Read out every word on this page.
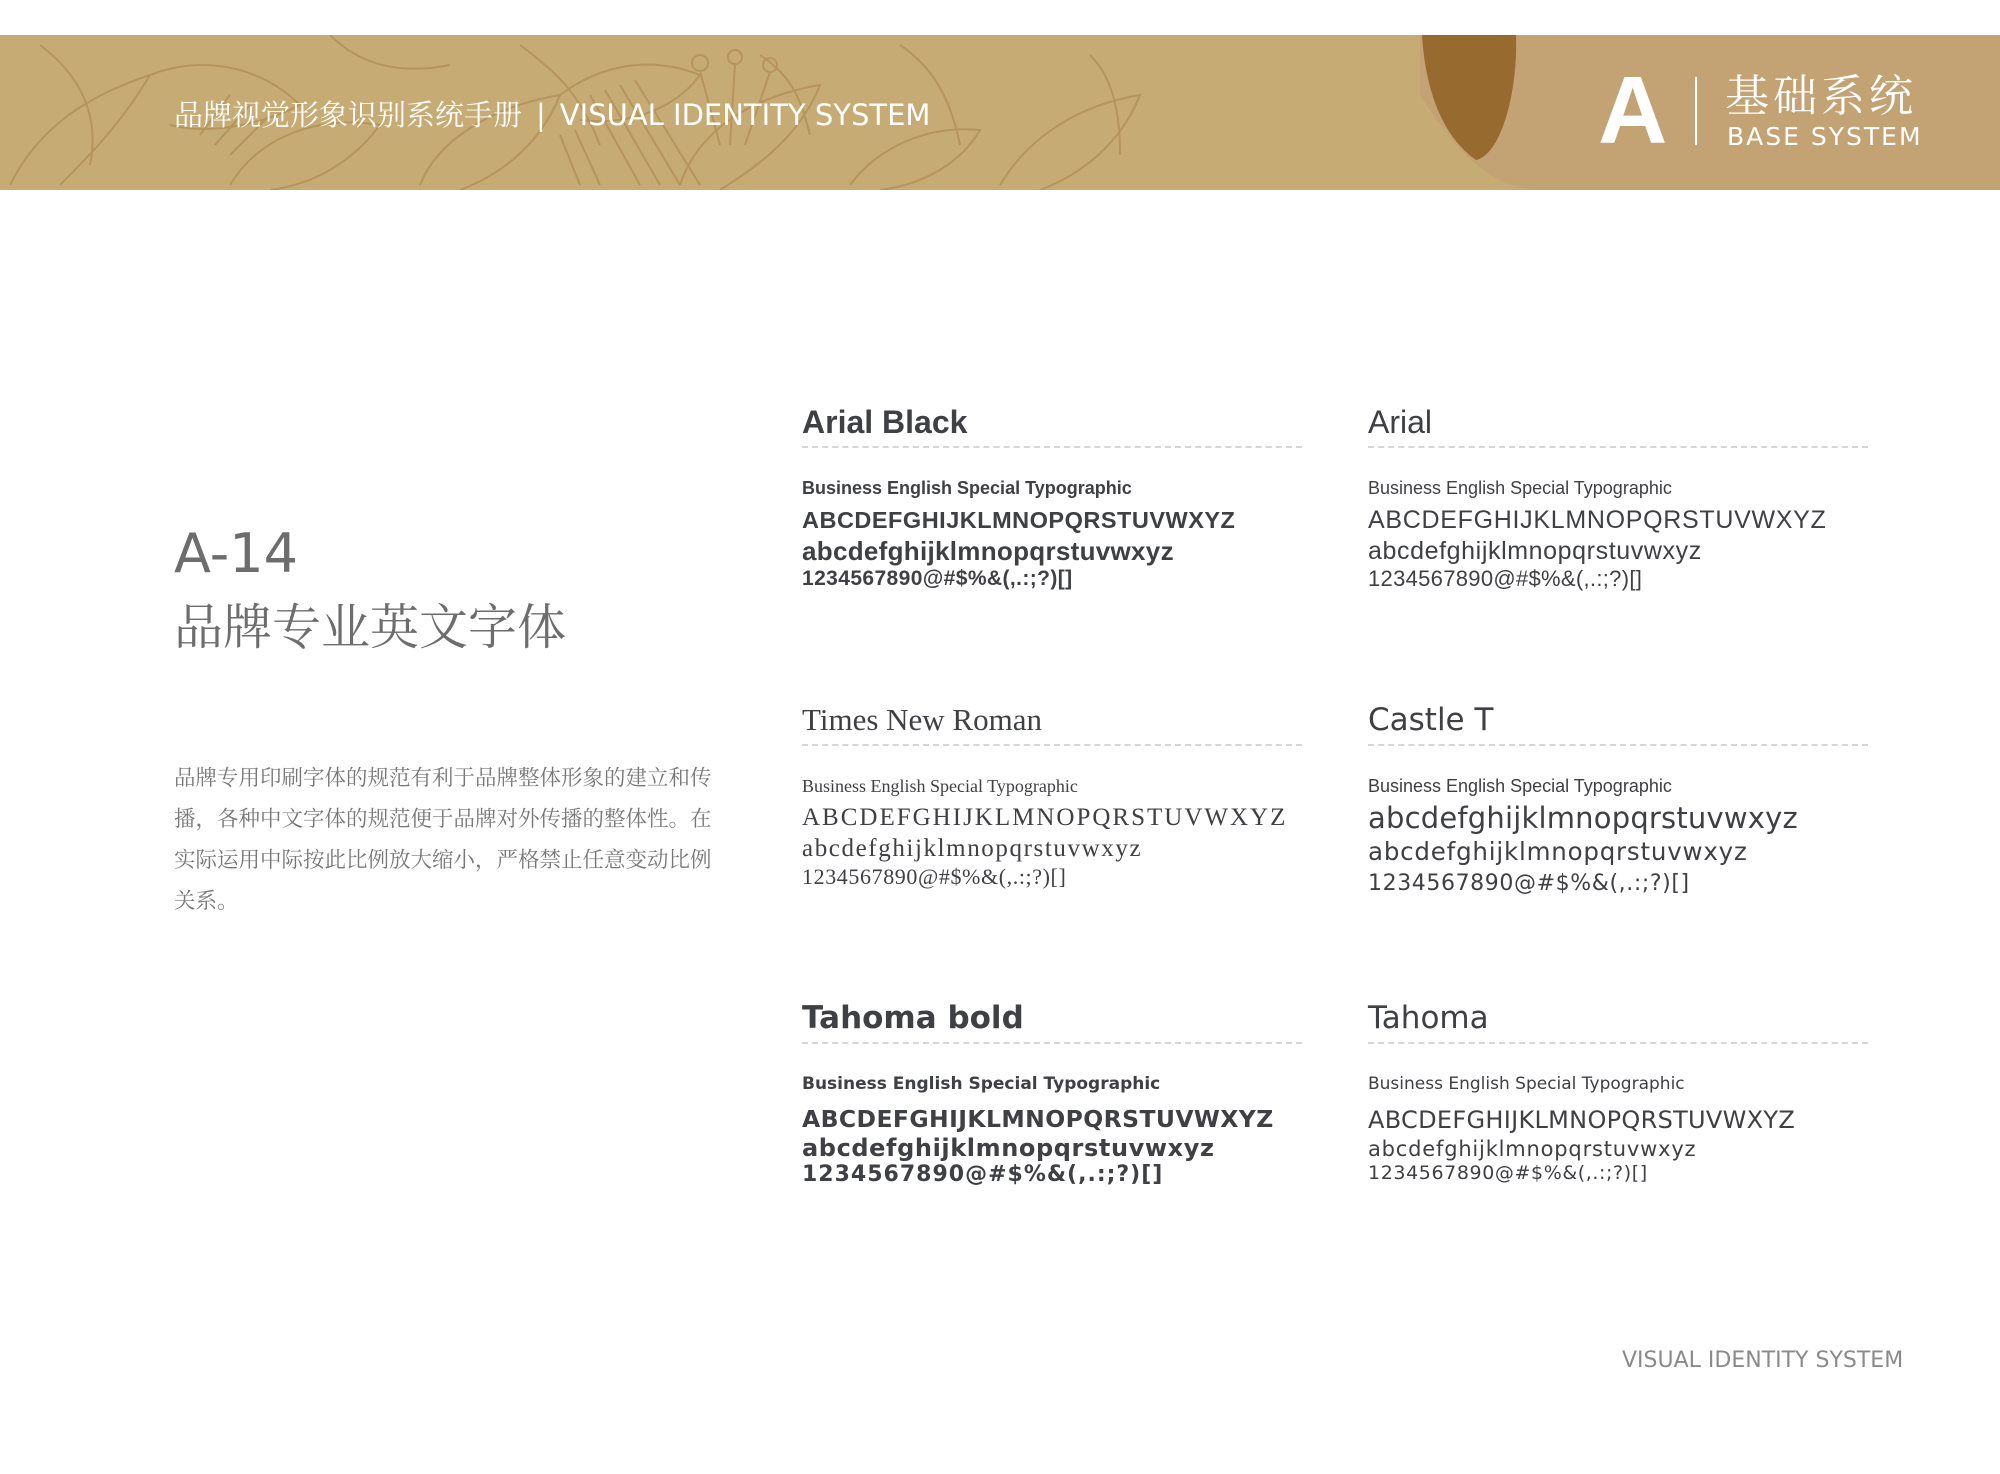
品牌视觉形象识别系统手册 | VISUAL IDENTITY SYSTEM	A 基础系统
BASE SYSTEM
A-14
品牌专业英文字体
品牌专用印刷字体的规范有利于品牌整体形象的建立和传播，各种中文字体的规范便于品牌对外传播的整体性。在实际运用中际按此比例放大缩小，严格禁止任意变动比例关系。
Arial Black
Business English Special Typographic
ABCDEFGHIJKLMNOPQRSTUVWXYZ
abcdefghijklmnopqrstuvwxyz
1234567890@#$%&(,.:;?)[]
Arial
Business English Special Typographic
ABCDEFGHIJKLMNOPQRSTUVWXYZ
abcdefghijklmnopqrstuvwxyz
1234567890@#$%&(,.:;?)[]
Times New Roman
Business English Special Typographic
ABCDEFGHIJKLMNOPQRSTUVWXYZ
abcdefghijklmnopqrstuvwxyz
1234567890@#$%&(,.:;?)[]
Castle T
Business English Special Typographic
abcdefghijklmnopqrstuvwxyz
abcdefghijklmnopqrstuvwxyz
1234567890@#$%&(,.:;?)[]
Tahoma bold
Business English Special Typographic
ABCDEFGHIJKLMNOPQRSTUVWXYZ
abcdefghijklmnopqrstuvwxyz
1234567890@#$%&(,.:;?)[]
Tahoma
Business English Special Typographic
ABCDEFGHIJKLMNOPQRSTUVWXYZ
abcdefghijklmnopqrstuvwxyz
1234567890@#$%&(,.:;?)[]
VISUAL IDENTITY SYSTEM
